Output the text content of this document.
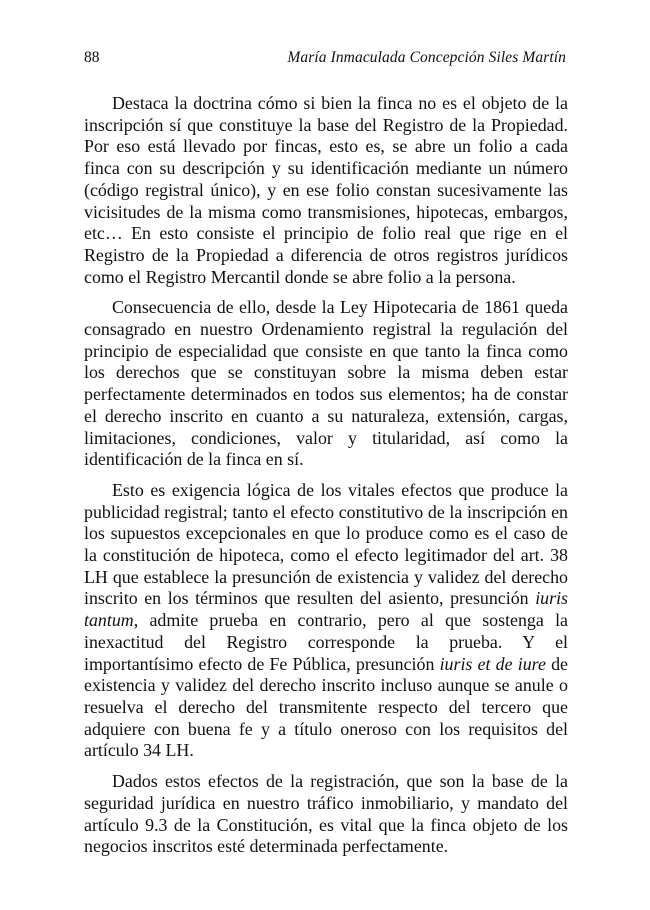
88	María Inmaculada Concepción Siles Martín

Destaca la doctrina cómo si bien la finca no es el objeto de la inscripción sí que constituye la base del Registro de la Propiedad. Por eso está llevado por fincas, esto es, se abre un folio a cada finca con su descripción y su identificación mediante un número (código registral único), y en ese folio constan sucesivamente las vicisitudes de la misma como transmisiones, hipotecas, embargos, etc… En esto consiste el principio de folio real que rige en el Registro de la Propiedad a diferencia de otros registros jurídicos como el Registro Mercantil donde se abre folio a la persona.

Consecuencia de ello, desde la Ley Hipotecaria de 1861 queda consagrado en nuestro Ordenamiento registral la regulación del principio de especialidad que consiste en que tanto la finca como los derechos que se constituyan sobre la misma deben estar perfectamente determinados en todos sus elementos; ha de constar el derecho inscrito en cuanto a su naturaleza, extensión, cargas, limitaciones, condiciones, valor y titularidad, así como la identificación de la finca en sí.

Esto es exigencia lógica de los vitales efectos que produce la publicidad registral; tanto el efecto constitutivo de la inscripción en los supuestos excepcionales en que lo produce como es el caso de la constitución de hipoteca, como el efecto legitimador del art. 38 LH que establece la presunción de existencia y validez del derecho inscrito en los términos que resulten del asiento, presunción iuris tantum, admite prueba en contrario, pero al que sostenga la inexactitud del Registro corresponde la prueba. Y el importantísimo efecto de Fe Pública, presunción iuris et de iure de existencia y validez del derecho inscrito incluso aunque se anule o resuelva el derecho del transmitente respecto del tercero que adquiere con buena fe y a título oneroso con los requisitos del artículo 34 LH.

Dados estos efectos de la registración, que son la base de la seguridad jurídica en nuestro tráfico inmobiliario, y mandato del artículo 9.3 de la Constitución, es vital que la finca objeto de los negocios inscritos esté determinada perfectamente.
